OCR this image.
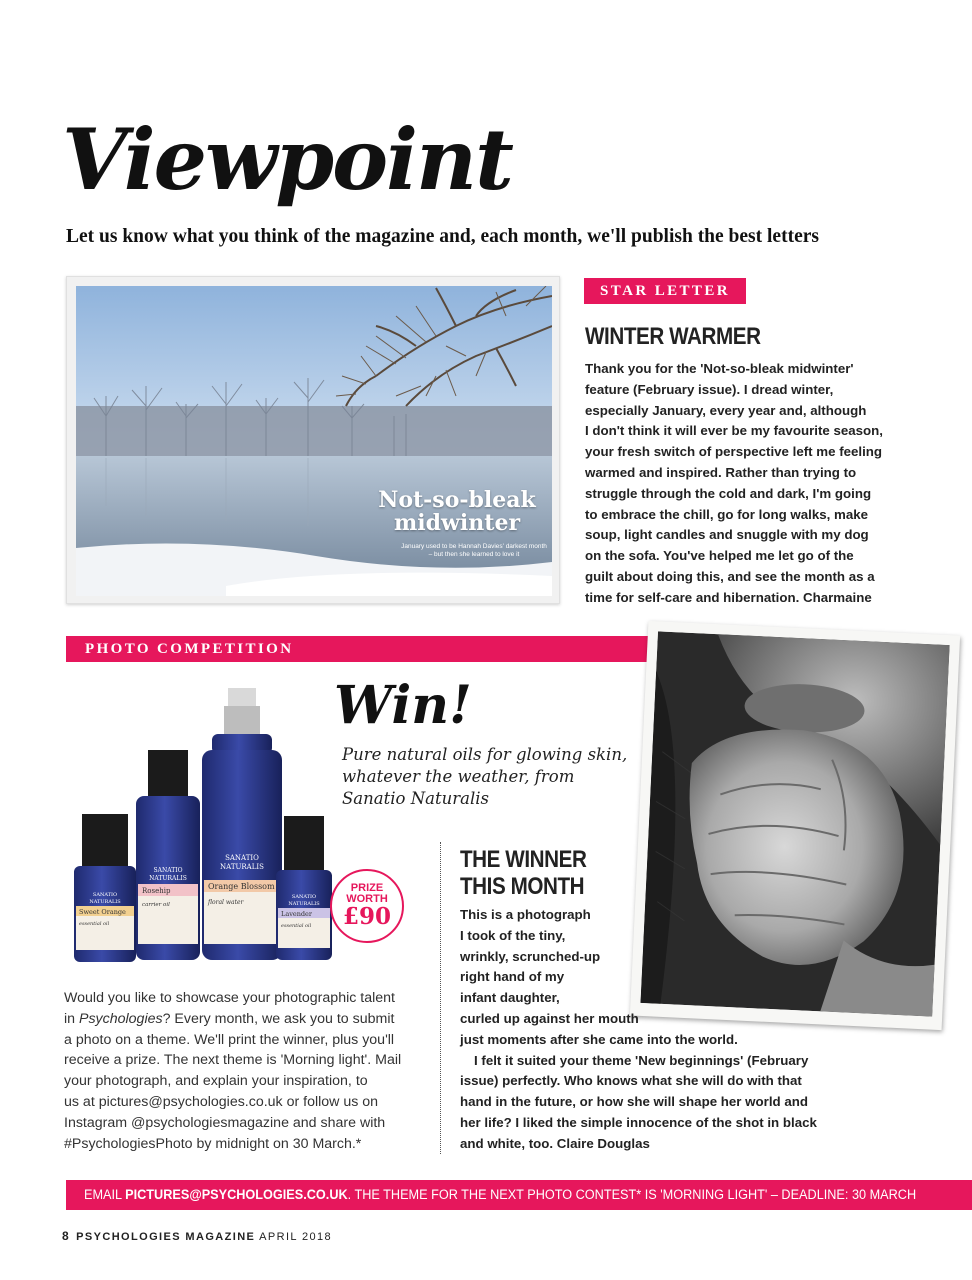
Viewpoint
Let us know what you think of the magazine and, each month, we'll publish the best letters
Not-so-bleak
midwinter
January used to be Hannah Davies' darkest month – but then she learned to love it
STAR LETTER
WINTER WARMER
Thank you for the 'Not-so-bleak midwinter'
feature (February issue). I dread winter,
especially January, every year and, although
I don't think it will ever be my favourite season,
your fresh switch of perspective left me feeling
warmed and inspired. Rather than trying to
struggle through the cold and dark, I'm going
to embrace the chill, go for long walks, make
soup, light candles and snuggle with my dog
on the sofa. You've helped me let go of the
guilt about doing this, and see the month as a
time for self-care and hibernation. Charmaine
PHOTO COMPETITION
SANATIO
NATURALIS
SANATIO
NATURALIS
SANATIO
NATURALIS
SANATIO
NATURALIS
Orange Blossom
floral water
Rosehip
carrier oil
Sweet Orange
essential oil
Lavender
essential oil
PRIZE
WORTH
£90
Win!
Pure natural oils for glowing skin,
whatever the weather, from
Sanatio Naturalis
Would you like to showcase your photographic talent
in Psychologies? Every month, we ask you to submit
a photo on a theme. We'll print the winner, plus you'll
receive a prize. The next theme is 'Morning light'. Mail
your photograph, and explain your inspiration, to
us at pictures@psychologies.co.uk or follow us on
Instagram @psychologiesmagazine and share with
#PsychologiesPhoto by midnight on 30 March.*
THE WINNER
THIS MONTH
This is a photograph
I took of the tiny,
wrinkly, scrunched-up
right hand of my
infant daughter,
curled up against her mouth
just moments after she came into the world.
I felt it suited your theme 'New beginnings' (February
issue) perfectly. Who knows what she will do with that
hand in the future, or how she will shape her world and
her life? I liked the simple innocence of the shot in black
and white, too. Claire Douglas
EMAIL PICTURES@PSYCHOLOGIES.CO.UK. THE THEME FOR THE NEXT PHOTO CONTEST* IS 'MORNING LIGHT' – DEADLINE: 30 MARCH
8 PSYCHOLOGIES MAGAZINE APRIL 2018
